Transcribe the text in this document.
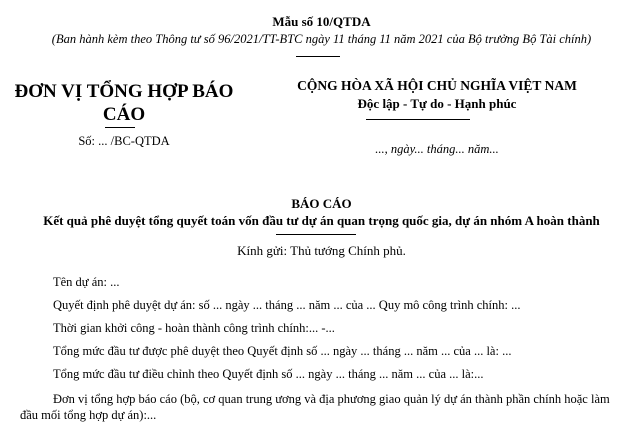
Mẫu số 10/QTDA
(Ban hành kèm theo Thông tư số 96/2021/TT-BTC ngày 11 tháng 11 năm 2021 của Bộ trưởng Bộ Tài chính)
ĐƠN VỊ TỔNG HỢP BÁO CÁO
Số: ... /BC-QTDA
CỘNG HÒA XÃ HỘI CHỦ NGHĨA VIỆT NAM
Độc lập - Tự do - Hạnh phúc
..., ngày... tháng... năm...
BÁO CÁO
Kết quả phê duyệt tổng quyết toán vốn đầu tư dự án quan trọng quốc gia, dự án nhóm A hoàn thành
Kính gửi: Thủ tướng Chính phủ.
Tên dự án: ...
Quyết định phê duyệt dự án: số ... ngày ... tháng ... năm ... của ... Quy mô công trình chính: ...
Thời gian khởi công - hoàn thành công trình chính:... -...
Tổng mức đầu tư được phê duyệt theo Quyết định số ... ngày ... tháng ... năm ... của ... là: ...
Tổng mức đầu tư điều chỉnh theo Quyết định số ... ngày ... tháng ... năm ... của ... là:...
Đơn vị tổng hợp báo cáo (bộ, cơ quan trung ương và địa phương giao quản lý dự án thành phần chính hoặc làm đầu mối tổng hợp dự án):...
